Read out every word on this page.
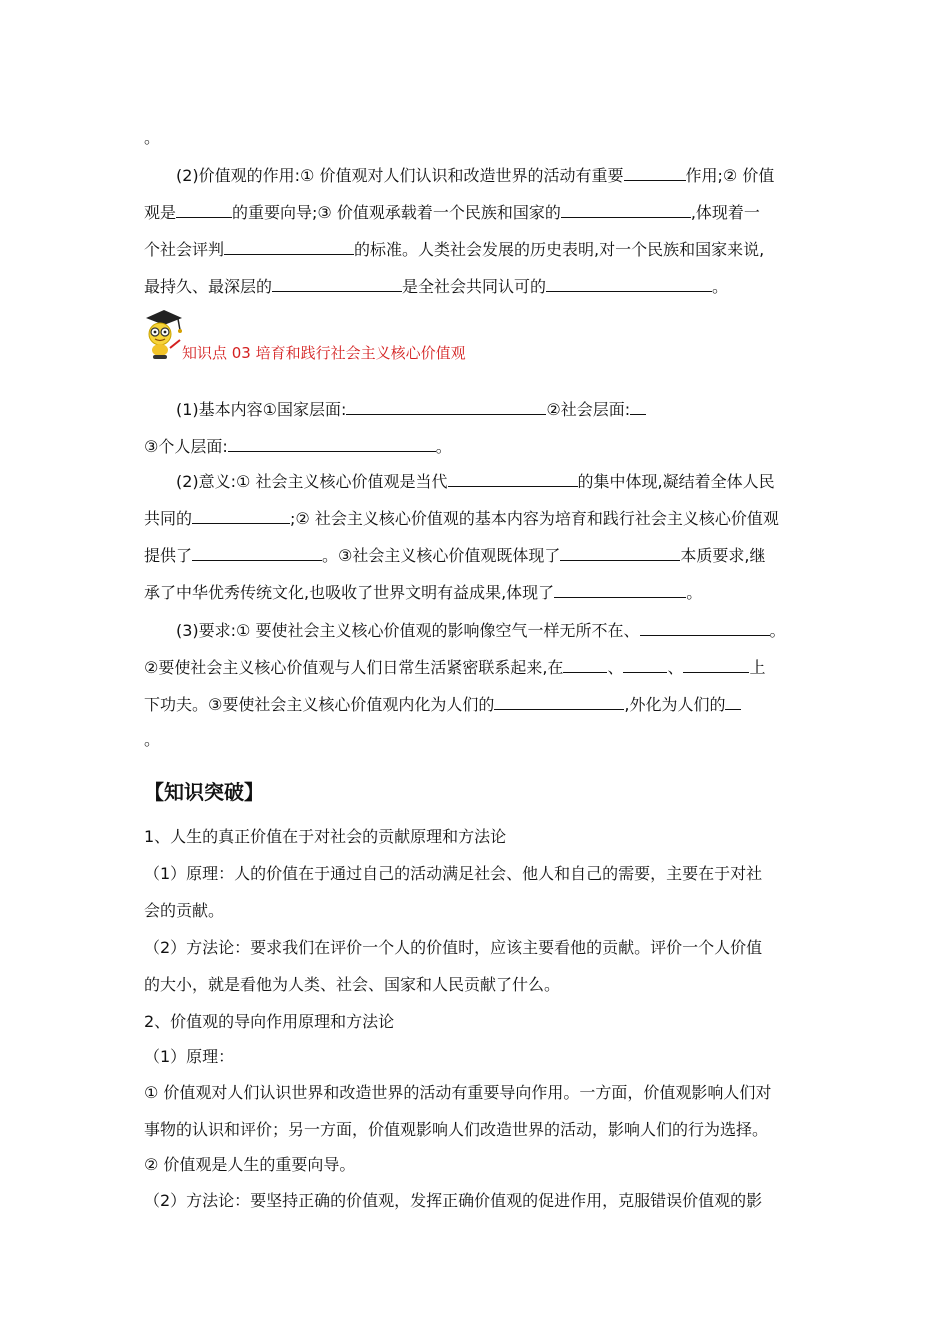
。
(2)价值观的作用:① 价值观对人们认识和改造世界的活动有重要	作用;② 价值
观是	的重要向导;③ 价值观承载着一个民族和国家的	,体现着一
个社会评判	的标准。人类社会发展的历史表明,对一个民族和国家来说,
最持久、最深层的	是全社会共同认可的	。
知识点 03 培育和践行社会主义核心价值观
(1)基本内容①国家层面:	②社会层面:
③个人层面:	。
(2)意义:① 社会主义核心价值观是当代	的集中体现,凝结着全体人民
共同的	;② 社会主义核心价值观的基本内容为培育和践行社会主义核心价值观
提供了	。③社会主义核心价值观既体现了	本质要求,继
承了中华优秀传统文化,也吸收了世界文明有益成果,体现了	。
(3)要求:① 要使社会主义核心价值观的影响像空气一样无所不在、	。
②要使社会主义核心价值观与人们日常生活紧密联系起来,在	、	、	上
下功夫。③要使社会主义核心价值观内化为人们的	,外化为人们的
。
【知识突破】
1、人生的真正价值在于对社会的贡献原理和方法论
（1）原理：人的价值在于通过自己的活动满足社会、他人和自己的需要，主要在于对社
会的贡献。
（2）方法论：要求我们在评价一个人的价值时，应该主要看他的贡献。评价一个人价值
的大小，就是看他为人类、社会、国家和人民贡献了什么。
2、价值观的导向作用原理和方法论
（1）原理：
① 价值观对人们认识世界和改造世界的活动有重要导向作用。一方面，价值观影响人们对
事物的认识和评价；另一方面，价值观影响人们改造世界的活动，影响人们的行为选择。
② 价值观是人生的重要向导。
（2）方法论：要坚持正确的价值观，发挥正确价值观的促进作用，克服错误价值观的影
